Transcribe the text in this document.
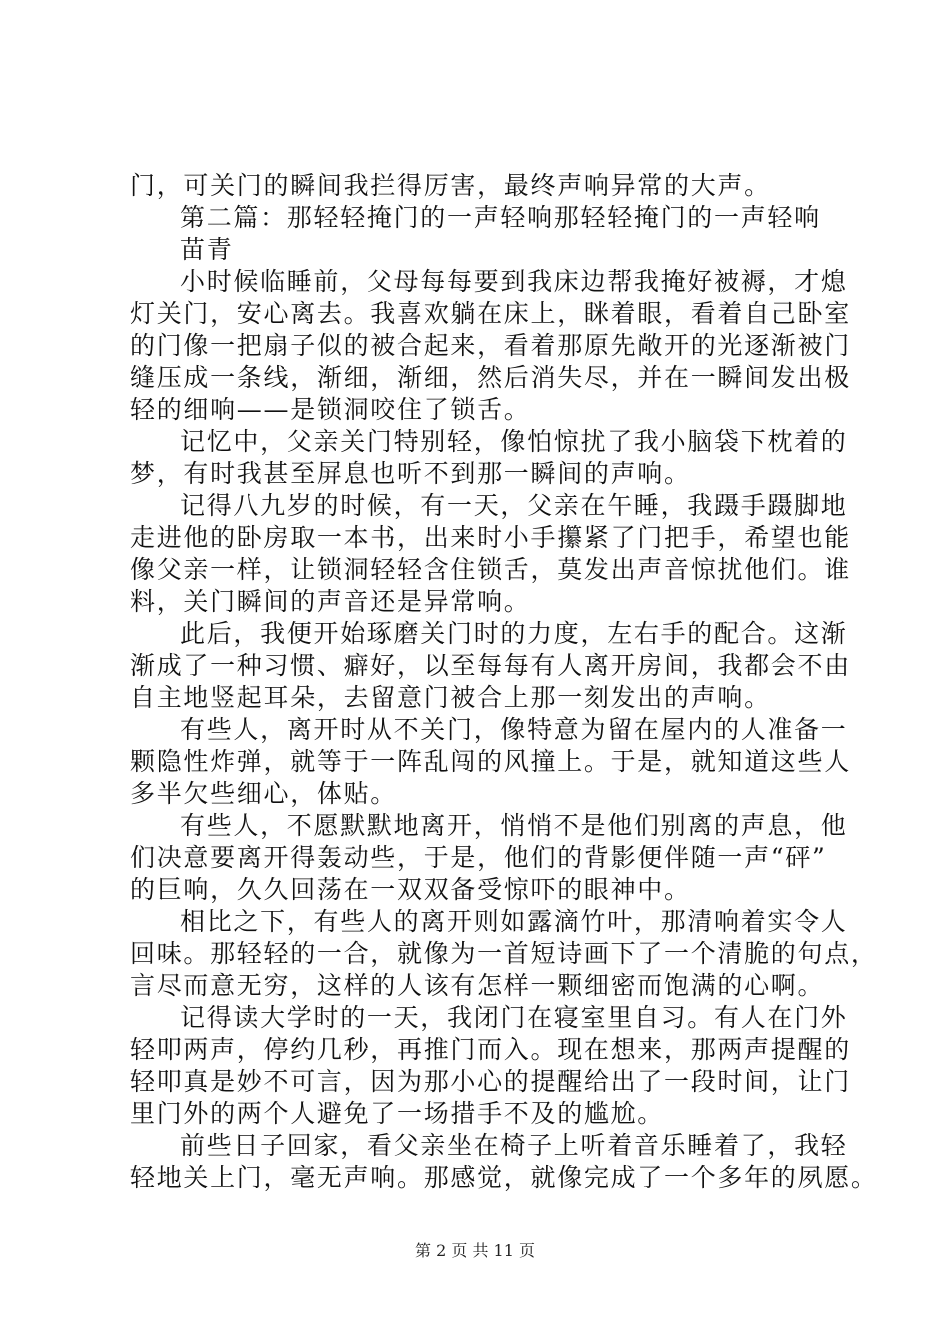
门，可关门的瞬间我拦得厉害，最终声响异常的大声。
第二篇：那轻轻掩门的一声轻响那轻轻掩门的一声轻响
苗青
小时候临睡前，父母每每要到我床边帮我掩好被褥，才熄
灯关门，安心离去。我喜欢躺在床上，眯着眼，看着自己卧室
的门像一把扇子似的被合起来，看着那原先敞开的光逐渐被门
缝压成一条线，渐细，渐细，然后消失尽，并在一瞬间发出极
轻的细响——是锁洞咬住了锁舌。
记忆中，父亲关门特别轻，像怕惊扰了我小脑袋下枕着的
梦，有时我甚至屏息也听不到那一瞬间的声响。
记得八九岁的时候，有一天，父亲在午睡，我蹑手蹑脚地
走进他的卧房取一本书，出来时小手攥紧了门把手，希望也能
像父亲一样，让锁洞轻轻含住锁舌，莫发出声音惊扰他们。谁
料，关门瞬间的声音还是异常响。
此后，我便开始琢磨关门时的力度，左右手的配合。这渐
渐成了一种习惯、癖好，以至每每有人离开房间，我都会不由
自主地竖起耳朵，去留意门被合上那一刻发出的声响。
有些人，离开时从不关门，像特意为留在屋内的人准备一
颗隐性炸弹，就等于一阵乱闯的风撞上。于是，就知道这些人
多半欠些细心，体贴。
有些人，不愿默默地离开，悄悄不是他们别离的声息，他
们决意要离开得轰动些，于是，他们的背影便伴随一声“砰”
的巨响，久久回荡在一双双备受惊吓的眼神中。
相比之下，有些人的离开则如露滴竹叶，那清响着实令人
回味。那轻轻的一合，就像为一首短诗画下了一个清脆的句点，
言尽而意无穷，这样的人该有怎样一颗细密而饱满的心啊。
记得读大学时的一天，我闭门在寝室里自习。有人在门外
轻叩两声，停约几秒，再推门而入。现在想来，那两声提醒的
轻叩真是妙不可言，因为那小心的提醒给出了一段时间，让门
里门外的两个人避免了一场措手不及的尴尬。
前些日子回家，看父亲坐在椅子上听着音乐睡着了，我轻
轻地关上门，毫无声响。那感觉，就像完成了一个多年的夙愿。
第 2 页 共 11 页
